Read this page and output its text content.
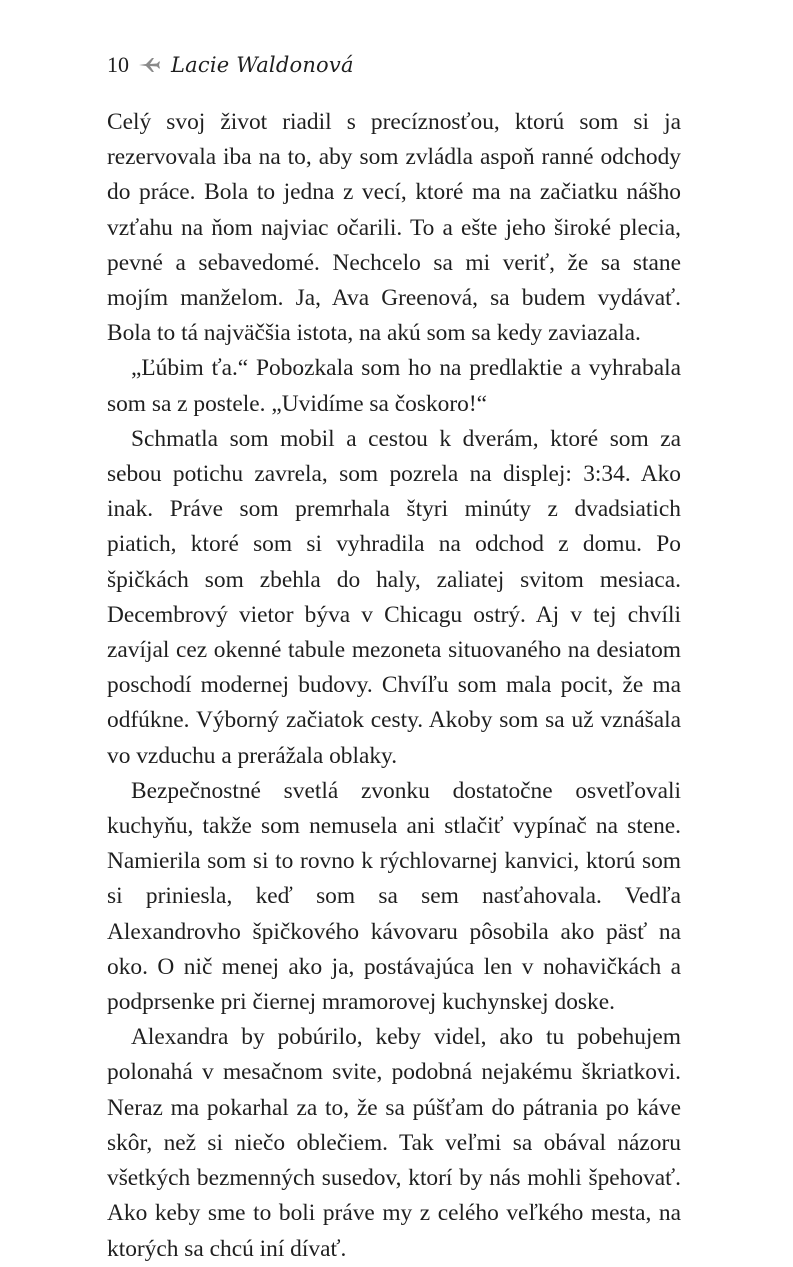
10 Lacie Waldonová

Celý svoj život riadil s precíznosťou, ktorú som si ja rezervovala iba na to, aby som zvládla aspoň ranné odchody do práce. Bola to jedna z vecí, ktoré ma na začiatku nášho vzťahu na ňom najviac očarili. To a ešte jeho široké plecia, pevné a sebavedomé. Nechcelo sa mi veriť, že sa stane mojím manželom. Ja, Ava Greenová, sa budem vydávať. Bola to tá najväčšia istota, na akú som sa kedy zaviazala.

„Ľúbim ťa.“ Pobozkala som ho na predlaktie a vyhrabala som sa z postele. „Uvidíme sa čoskoro!“

Schmatla som mobil a cestou k dverám, ktoré som za sebou potichu zavrela, som pozrela na displej: 3:34. Ako inak. Práve som premrhala štyri minúty z dvadsiatich piatich, ktoré som si vyhradila na odchod z domu. Po špičkách som zbehla do haly, zaliatej svitom mesiaca. Decembrový vietor býva v Chicagu ostrý. Aj v tej chvíli zavíjal cez okenné tabule mezoneta situovaného na desiatom poschodí modernej budovy. Chvíľu som mala pocit, že ma odfúkne. Výborný začiatok cesty. Akoby som sa už vznášala vo vzduchu a prerážala oblaky.

Bezpečnostné svetlá zvonku dostatočne osvetľovali kuchyňu, takže som nemusela ani stlačiť vypínač na stene. Namierila som si to rovno k rýchlovarnej kanvici, ktorú som si priniesla, keď som sa sem nasťahovala. Vedľa Alexandrovho špičkového kávovaru pôsobila ako päsť na oko. O nič menej ako ja, postávajúca len v nohavičkách a podprsenke pri čiernej mramorovej kuchynskej doske.

Alexandra by pobúrilo, keby videl, ako tu pobehujem polonahá v mesačnom svite, podobná nejakému škriatkovi. Neraz ma pokarhal za to, že sa púšťam do pátrania po káve skôr, než si niečo oblečiem. Tak veľmi sa obával názoru všetkých bezmenných susedov, ktorí by nás mohli špehovať. Ako keby sme to boli práve my z celého veľkého mesta, na ktorých sa chcú iní dívať.
